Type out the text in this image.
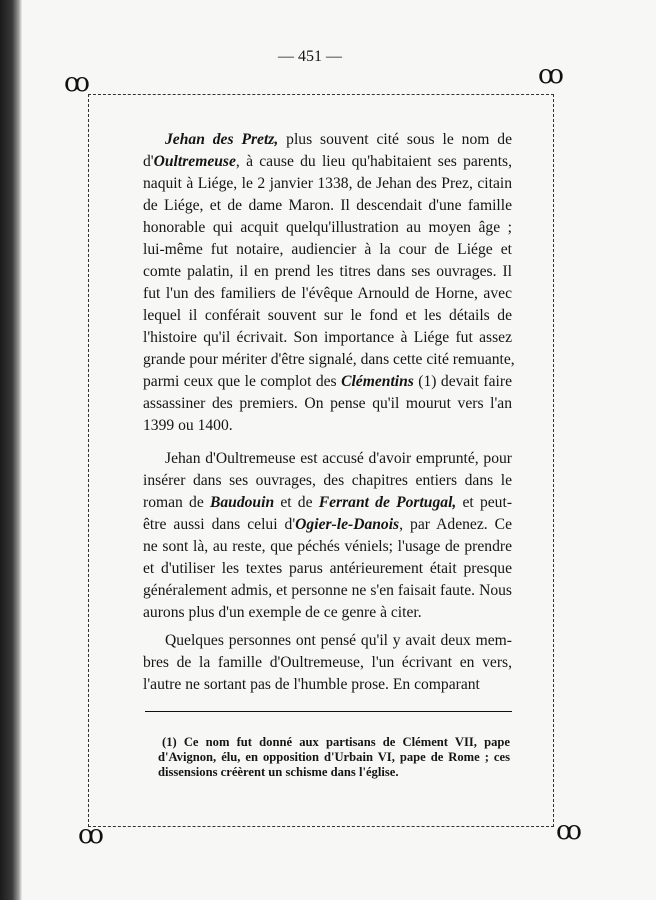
— 451 —
ꝏ	ꝏ
ꝏ	ꝏ
Jehan des Pretz, plus souvent cité sous le nom de
d'Oultremeuse, à cause du lieu qu'habitaient ses parents,
naquit à Liége, le 2 janvier 1338, de Jehan des Prez, citain
de Liége, et de dame Maron. Il descendait d'une famille
honorable qui acquit quelqu'illustration au moyen âge ;
lui-même fut notaire, audiencier à la cour de Liége et
comte palatin, il en prend les titres dans ses ouvrages. Il
fut l'un des familiers de l'évêque Arnould de Horne, avec
lequel il conférait souvent sur le fond et les détails de
l'histoire qu'il écrivait. Son importance à Liége fut assez
grande pour mériter d'être signalé, dans cette cité remuante,
parmi ceux que le complot des Clémentins (1) devait faire
assassiner des premiers. On pense qu'il mourut vers l'an
1399 ou 1400.
Jehan d'Oultremeuse est accusé d'avoir emprunté, pour
insérer dans ses ouvrages, des chapitres entiers dans le
roman de Baudouin et de Ferrant de Portugal, et peut-
être aussi dans celui d'Ogier-le-Danois, par Adenez. Ce
ne sont là, au reste, que péchés véniels; l'usage de prendre
et d'utiliser les textes parus antérieurement était presque
généralement admis, et personne ne s'en faisait faute. Nous
aurons plus d'un exemple de ce genre à citer.
Quelques personnes ont pensé qu'il y avait deux mem-
bres de la famille d'Oultremeuse, l'un écrivant en vers,
l'autre ne sortant pas de l'humble prose. En comparant
(1) Ce nom fut donné aux partisans de Clément VII, pape
d'Avignon, élu, en opposition d'Urbain VI, pape de Rome ; ces
dissensions créèrent un schisme dans l'église.
